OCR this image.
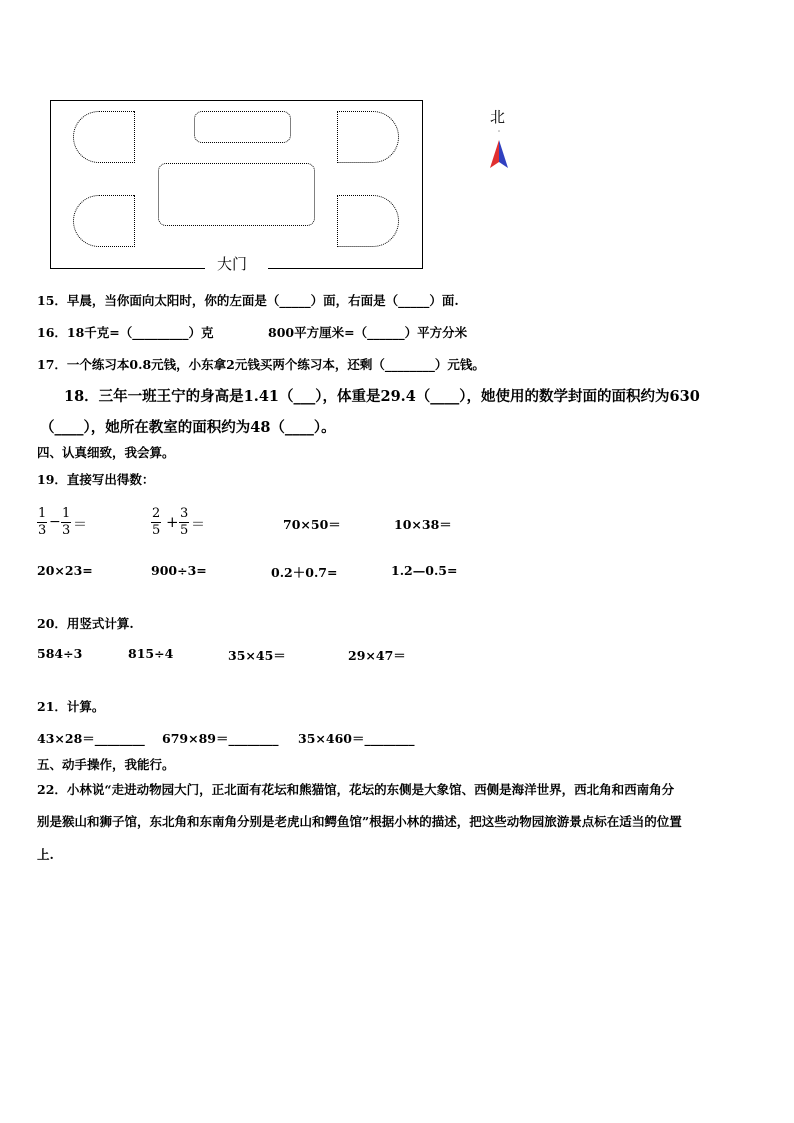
大门
北
15．早晨，当你面向太阳时，你的左面是（_____）面，右面是（_____）面.
16．18千克=（_________）克	800平方厘米=（______）平方分米
17．一个练习本0.8元钱，小东拿2元钱买两个练习本，还剩（________）元钱。
18．三年一班王宁的身高是1.41（___），体重是29.4（____），她使用的数学封面的面积约为630
（____），她所在教室的面积约为48（____）。
四、认真细致，我会算。
19．直接写出得数：
$\frac{1}{3} - \frac{1}{3}$ ＝	$\frac{2}{5} + \frac{3}{5}$ ＝	70×50＝	10×38＝
20×23=	900÷3=	0.2＋0.7=	1.2—0.5=
20．用竖式计算.
584÷3	815÷4	35×45＝	29×47＝
21．计算。
43×28＝________ 679×89＝________ 35×460＝________
五、动手操作，我能行。
22．小林说“走进动物园大门，正北面有花坛和熊猫馆，花坛的东侧是大象馆、西侧是海洋世界，西北角和西南角分
别是猴山和狮子馆，东北角和东南角分别是老虎山和鳄鱼馆”根据小林的描述，把这些动物园旅游景点标在适当的位置
上.
